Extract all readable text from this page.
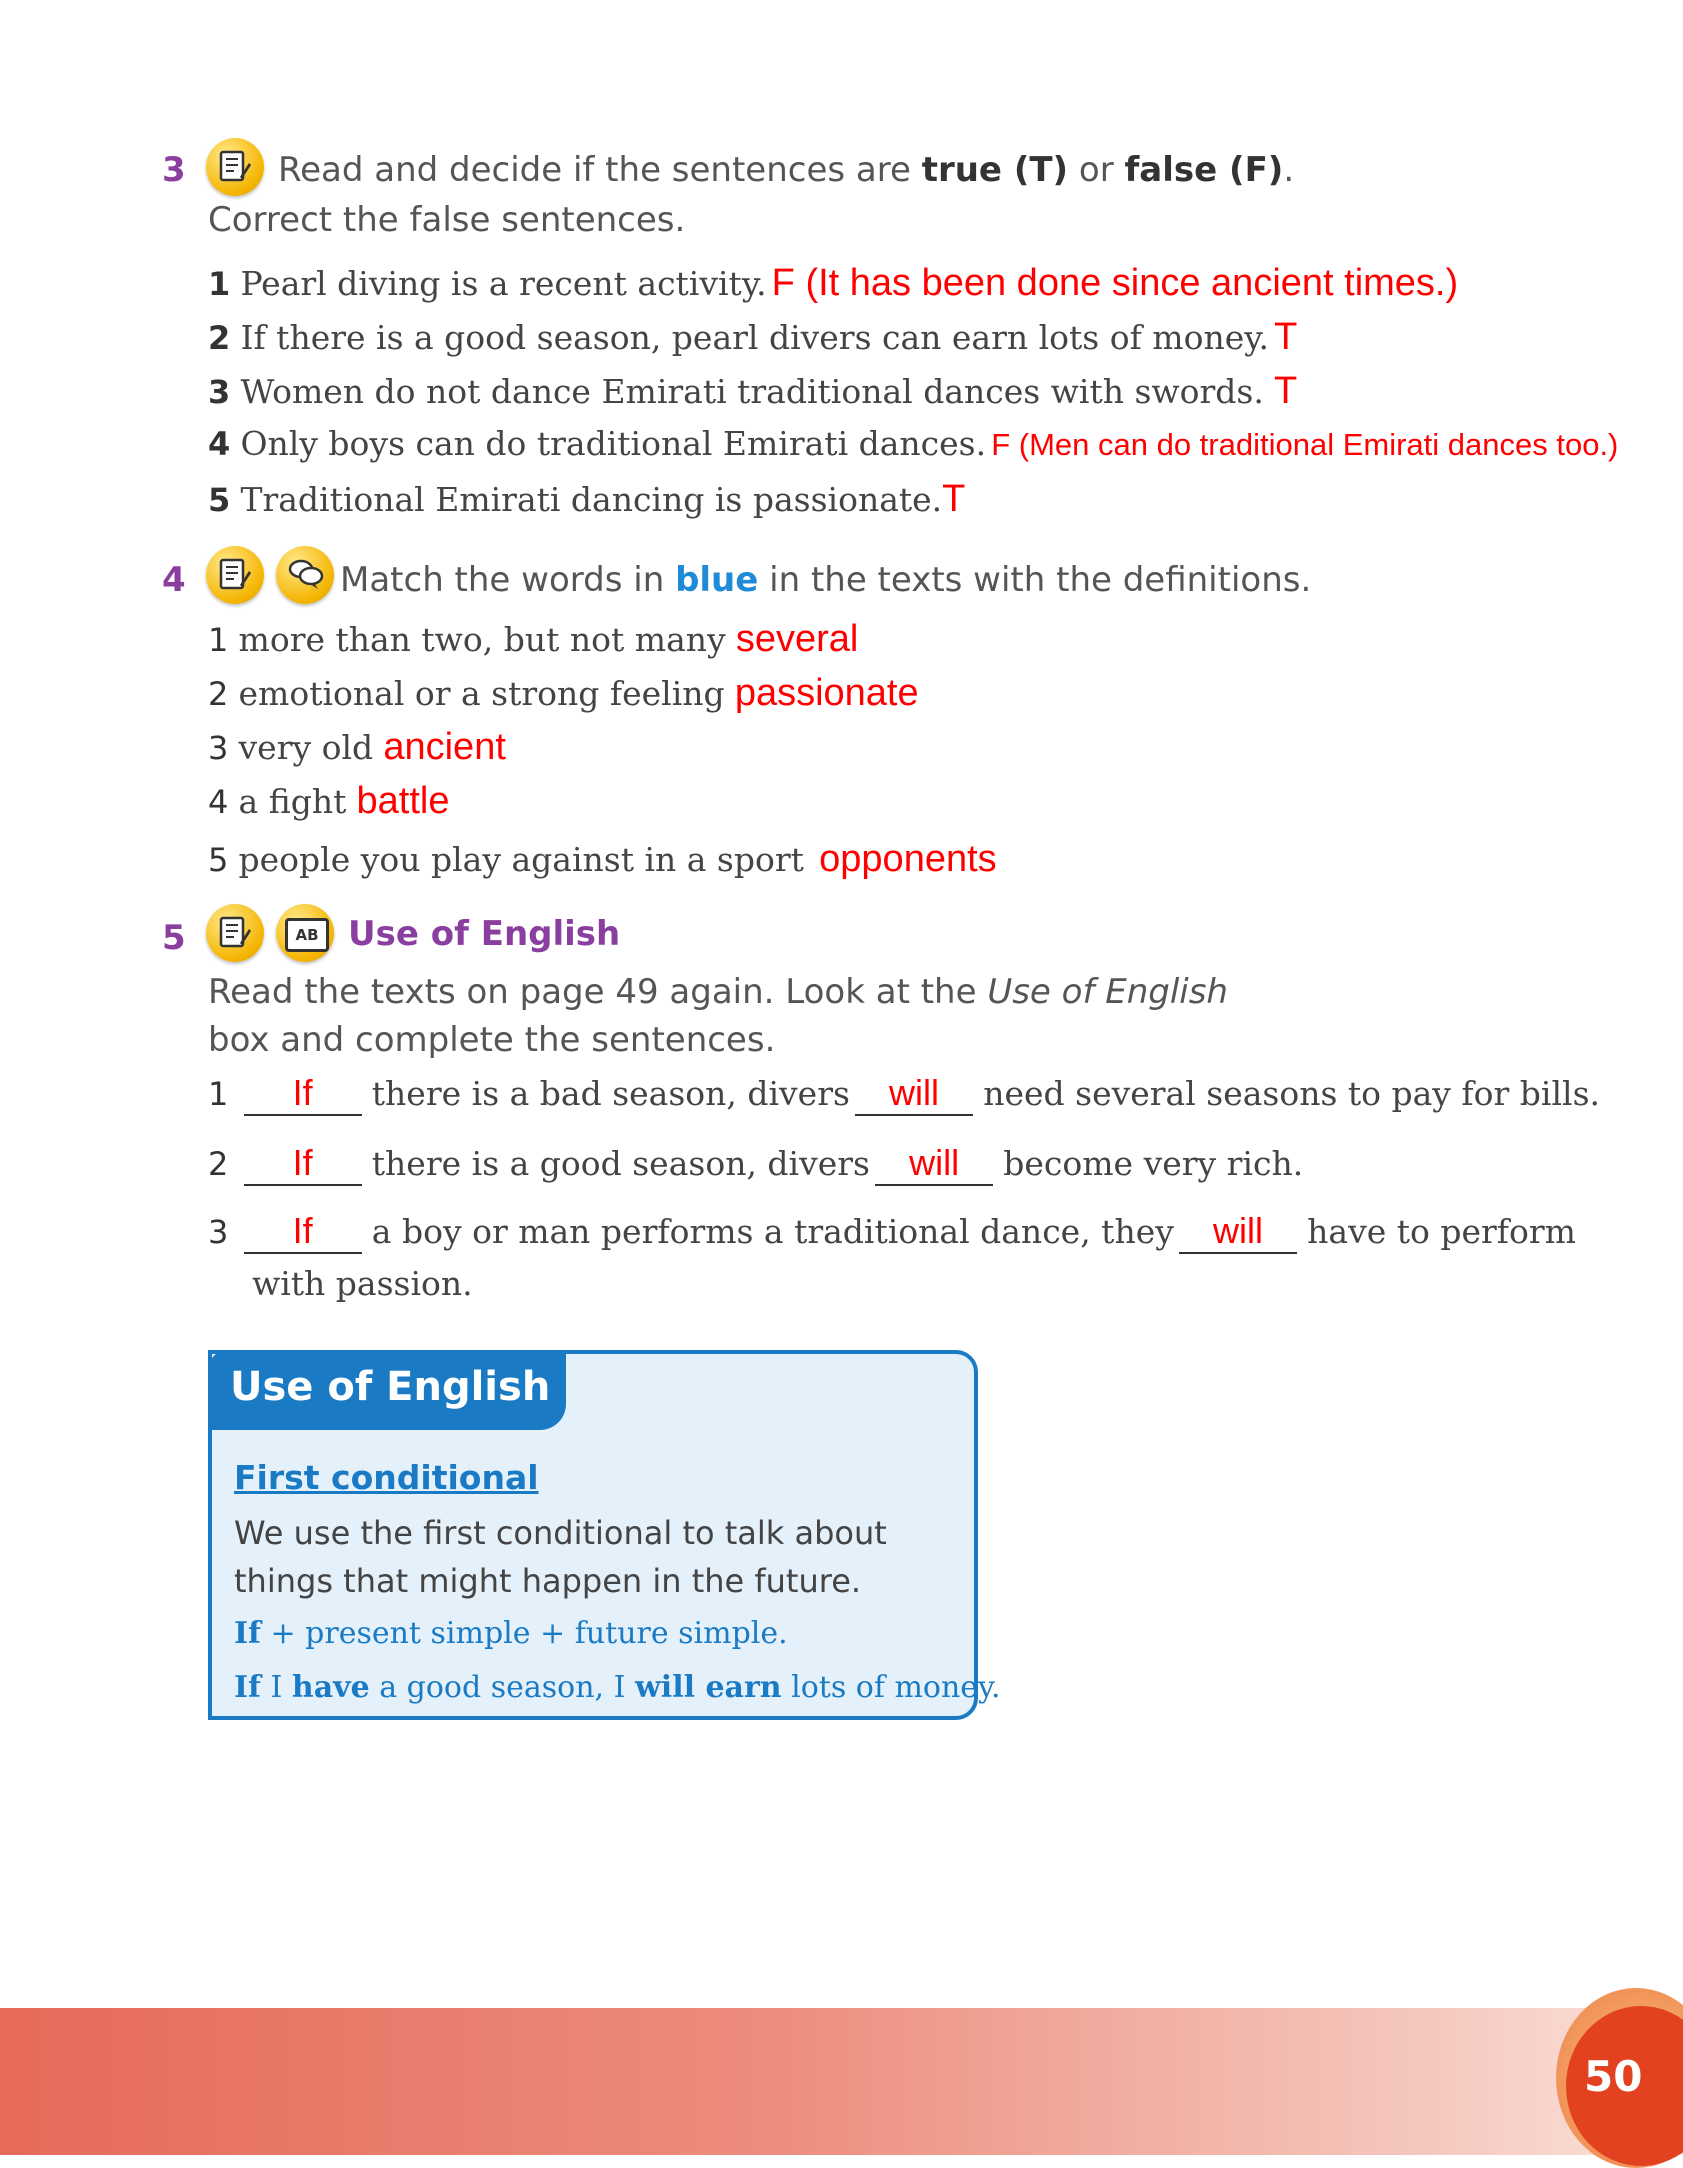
3	Read and decide if the sentences are true (T) or false (F).
Correct the false sentences.
1 Pearl diving is a recent activity. F (It has been done since ancient times.)
2 If there is a good season, pearl divers can earn lots of money. T
3 Women do not dance Emirati traditional dances with swords. T
4 Only boys can do traditional Emirati dances. F (Men can do traditional Emirati dances too.)
5 Traditional Emirati dancing is passionate.T
4	Match the words in blue in the texts with the definitions.
1 more than two, but not many several
2 emotional or a strong feeling passionate
3 very old ancient
4 a fight battle
5 people you play against in a sport opponents
5	AB Use of English
Read the texts on page 49 again. Look at the Use of English
box and complete the sentences.
1 If there is a bad season, divers will need several seasons to pay for bills.
2 If there is a good season, divers will become very rich.
3 If a boy or man performs a traditional dance, they will have to perform
with passion.
Use of English
First conditional
We use the first conditional to talk about
things that might happen in the future.
If + present simple + future simple.
If I have a good season, I will earn lots of money.
50
